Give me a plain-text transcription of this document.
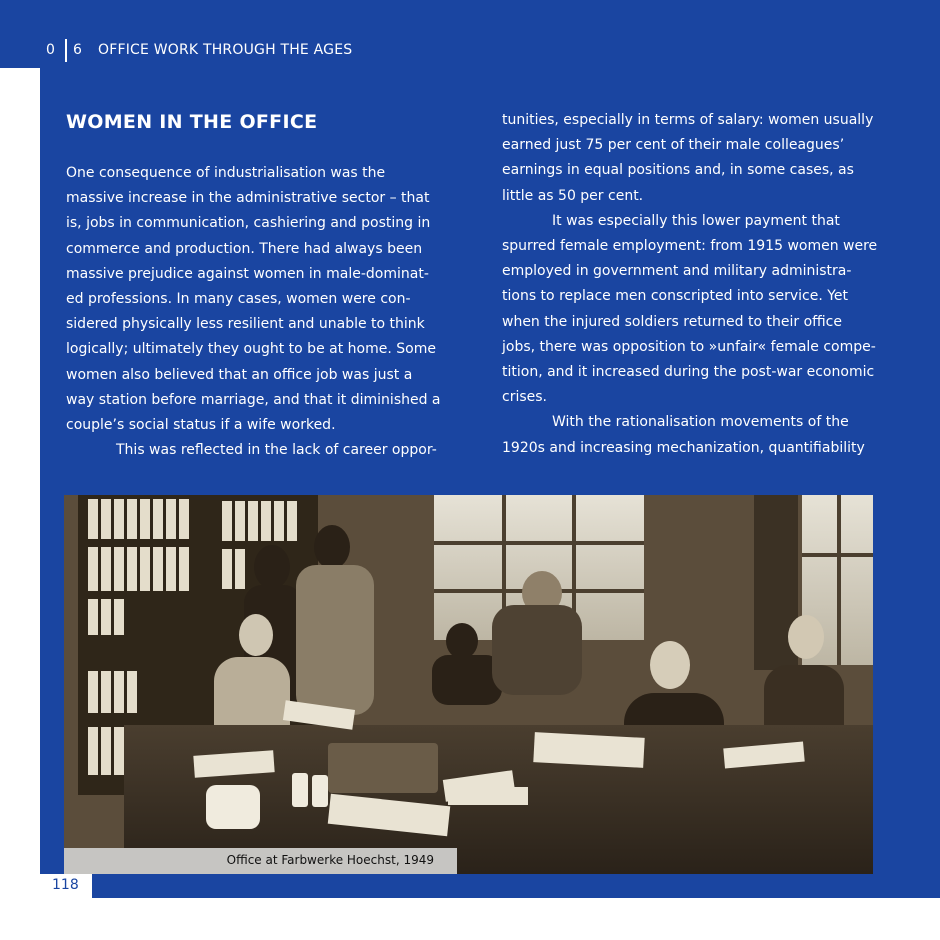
0 6 OFFICE WORK THROUGH THE AGES
WOMEN IN THE OFFICE

One consequence of industrialisation was the

massive increase in the administrative sector – that

is, jobs in communication, cashiering and posting in

commerce and production. There had always been

massive prejudice against women in male-dominat-

ed professions. In many cases, women were con-

sidered physically less resilient and unable to think

logically; ultimately they ought to be at home. Some

women also believed that an office job was just a

way station before marriage, and that it diminished a

couple’s social status if a wife worked.

This was reflected in the lack of career oppor-

tunities, especially in terms of salary: women usually

earned just 75 per cent of their male colleagues’

earnings in equal positions and, in some cases, as

little as 50 per cent.

It was especially this lower payment that

spurred female employment: from 1915 women were

employed in government and military administra-

tions to replace men conscripted into service. Yet

when the injured soldiers returned to their office

jobs, there was opposition to »unfair« female compe-

tition, and it increased during the post-war economic

crises.

With the rationalisation movements of the

1920s and increasing mechanization, quantifiability

Office at Farbwerke Hoechst, 1949
118
